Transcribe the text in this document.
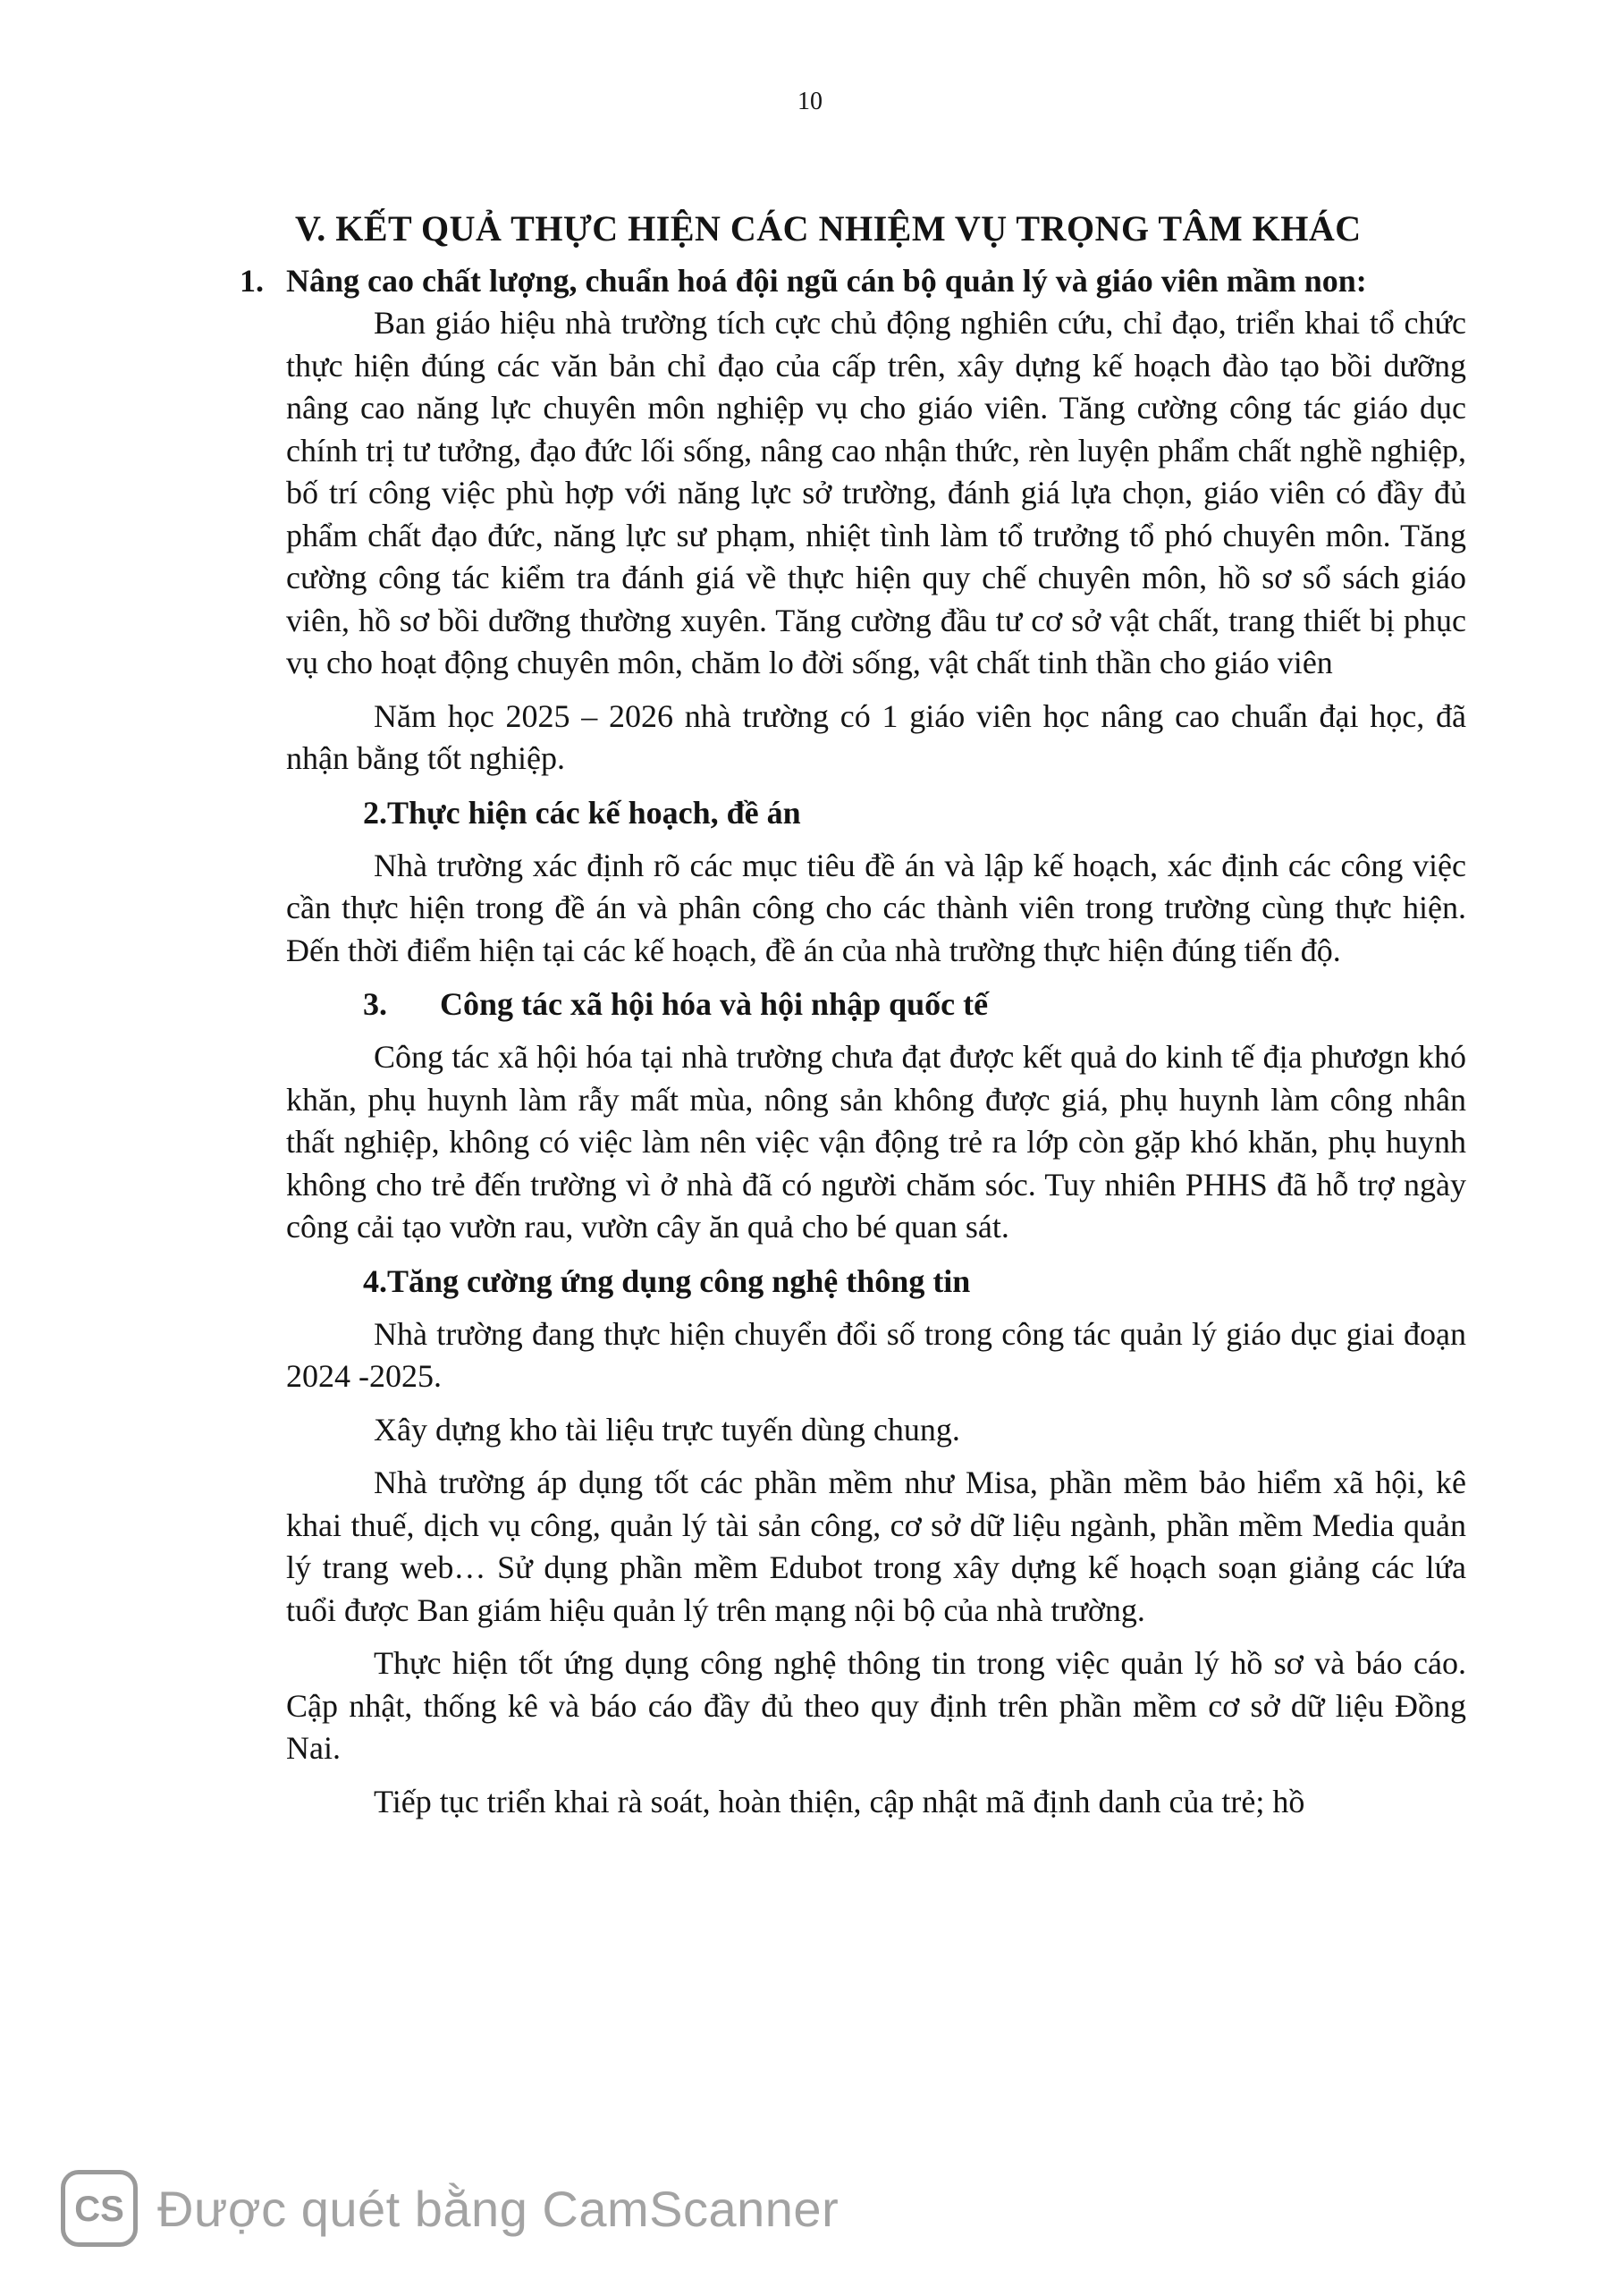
10
V. KẾT QUẢ THỰC HIỆN CÁC NHIỆM VỤ TRỌNG TÂM KHÁC
1. Nâng cao chất lượng, chuẩn hoá đội ngũ cán bộ quản lý và giáo viên mầm non:

Ban giáo hiệu nhà trường tích cực chủ động nghiên cứu, chỉ đạo, triển khai tổ chức thực hiện đúng các văn bản chỉ đạo của cấp trên, xây dựng kế hoạch đào tạo bồi dưỡng nâng cao năng lực chuyên môn nghiệp vụ cho giáo viên. Tăng cường công tác giáo dục chính trị tư tưởng, đạo đức lối sống, nâng cao nhận thức, rèn luyện phẩm chất nghề nghiệp, bố trí công việc phù hợp với năng lực sở trường, đánh giá lựa chọn, giáo viên có đầy đủ phẩm chất đạo đức, năng lực sư phạm, nhiệt tình làm tổ trưởng tổ phó chuyên môn. Tăng cường công tác kiểm tra đánh giá về thực hiện quy chế chuyên môn, hồ sơ sổ sách giáo viên, hồ sơ bồi dưỡng thường xuyên. Tăng cường đầu tư cơ sở vật chất, trang thiết bị phục vụ cho hoạt động chuyên môn, chăm lo đời sống, vật chất tinh thần cho giáo viên

Năm học 2025 – 2026 nhà trường có 1 giáo viên học nâng cao chuẩn đại học, đã nhận bằng tốt nghiệp.

2.Thực hiện các kế hoạch, đề án

Nhà trường xác định rõ các mục tiêu đề án và lập kế hoạch, xác định các công việc cần thực hiện trong đề án và phân công cho các thành viên trong trường cùng thực hiện. Đến thời điểm hiện tại các kế hoạch, đề án của nhà trường thực hiện đúng tiến độ.

3. Công tác xã hội hóa và hội nhập quốc tế

Công tác xã hội hóa tại nhà trường chưa đạt được kết quả do kinh tế địa phươgn khó khăn, phụ huynh làm rẫy mất mùa, nông sản không được giá, phụ huynh làm công nhân thất nghiệp, không có việc làm nên việc vận động trẻ ra lớp còn gặp khó khăn, phụ huynh không cho trẻ đến trường vì ở nhà đã có người chăm sóc. Tuy nhiên PHHS đã hỗ trợ ngày công cải tạo vườn rau, vườn cây ăn quả cho bé quan sát.

4.Tăng cường ứng dụng công nghệ thông tin

Nhà trường đang thực hiện chuyển đổi số trong công tác quản lý giáo dục giai đoạn 2024 -2025.

Xây dựng kho tài liệu trực tuyến dùng chung.

Nhà trường áp dụng tốt các phần mềm như Misa, phần mềm bảo hiểm xã hội, kê khai thuế, dịch vụ công, quản lý tài sản công, cơ sở dữ liệu ngành, phần mềm Media quản lý trang web… Sử dụng phần mềm Edubot trong xây dựng kế hoạch soạn giảng các lứa tuổi được Ban giám hiệu quản lý trên mạng nội bộ của nhà trường.

Thực hiện tốt ứng dụng công nghệ thông tin trong việc quản lý hồ sơ và báo cáo. Cập nhật, thống kê và báo cáo đầy đủ theo quy định trên phần mềm cơ sở dữ liệu Đồng Nai.

Tiếp tục triển khai rà soát, hoàn thiện, cập nhật mã định danh của trẻ; hồ

CS Được quét bằng CamScanner
